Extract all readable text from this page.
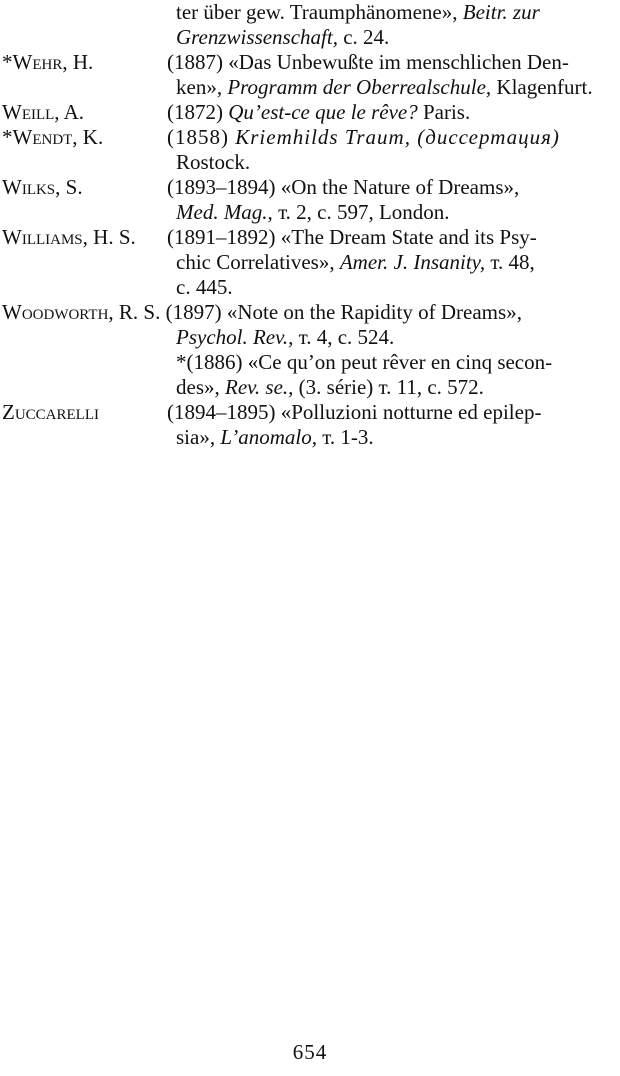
ter über gew. Traumphänomene», Beitr. zur
Grenzwissenschaft, c. 24.
*Wehr, H.	(1887) «Das Unbewußte im menschlichen Den-
ken», Programm der Oberrealschule, Klagenfurt.
Weill, A.	(1872) Qu’est-ce que le rêve? Paris.
*Wendt, K.	(1858) Kriemhilds Traum, (диссертация)
Rostock.
Wilks, S.	(1893–1894) «On the Nature of Dreams»,
Med. Mag., т. 2, c. 597, London.
Williams, H. S. (1891–1892) «The Dream State and its Psy-
chic Correlatives», Amer. J. Insanity, т. 48,
c. 445.
Woodworth, R. S. (1897) «Note on the Rapidity of Dreams»,
Psychol. Rev., т. 4, c. 524.
*(1886) «Ce qu’on peut rêver en cinq secon-
des», Rev. se., (3. série) т. 11, c. 572.
Zuccarelli	(1894–1895) «Polluzioni notturne ed epilep-
sia», L’anomalo, т. 1-3.
654
